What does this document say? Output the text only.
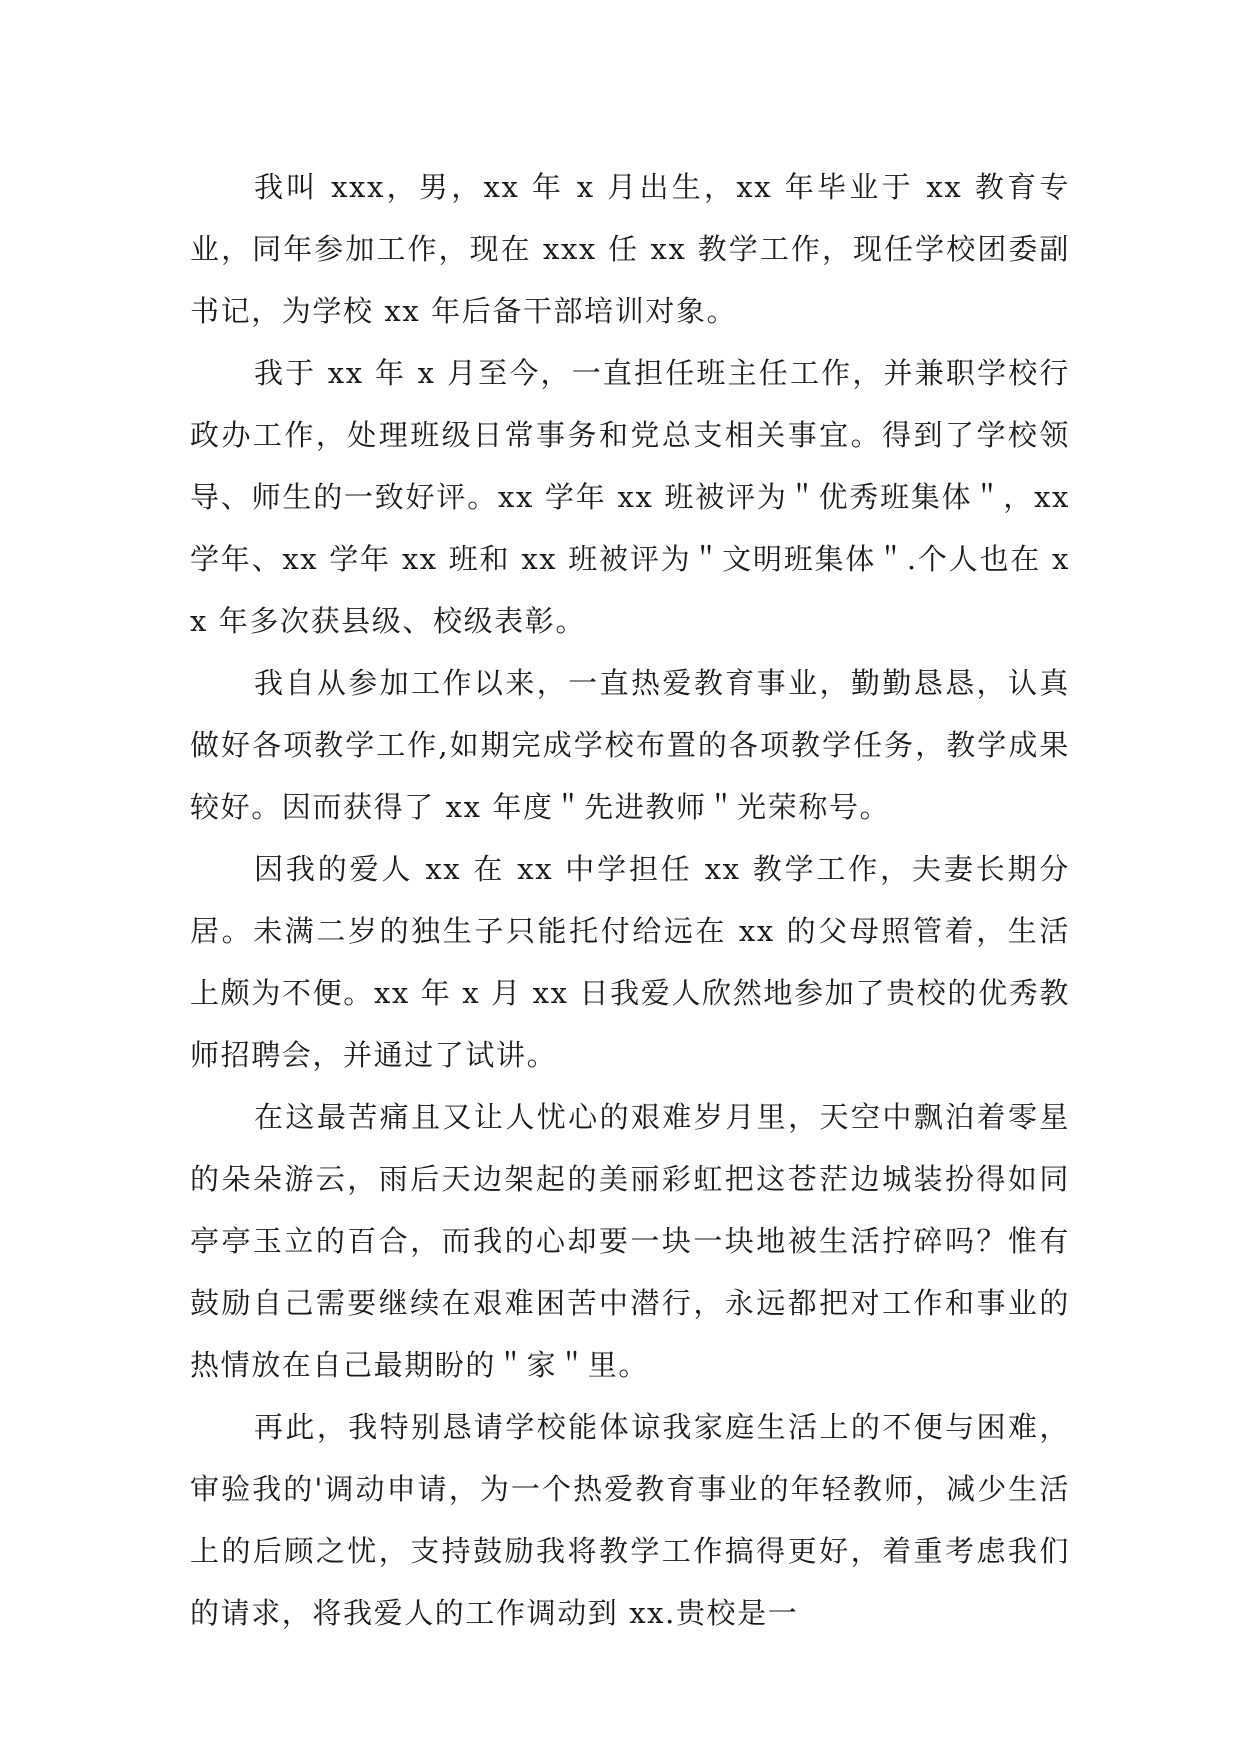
我叫 xxx，男，xx 年 x 月出生，xx 年毕业于 xx 教育专业，同年参加工作，现在 xxx 任 xx 教学工作，现任学校团委副书记，为学校 xx 年后备干部培训对象。

我于 xx 年 x 月至今，一直担任班主任工作，并兼职学校行政办工作，处理班级日常事务和党总支相关事宜。得到了学校领导、师生的一致好评。xx 学年 xx 班被评为＂优秀班集体＂，xx 学年、xx 学年 xx 班和 xx 班被评为＂文明班集体＂.个人也在 xx 年多次获县级、校级表彰。

我自从参加工作以来，一直热爱教育事业，勤勤恳恳，认真做好各项教学工作,如期完成学校布置的各项教学任务，教学成果较好。因而获得了 xx 年度＂先进教师＂光荣称号。

因我的爱人 xx 在 xx 中学担任 xx 教学工作，夫妻长期分居。未满二岁的独生子只能托付给远在 xx 的父母照管着，生活上颇为不便。xx 年 x 月 xx 日我爱人欣然地参加了贵校的优秀教师招聘会，并通过了试讲。

在这最苦痛且又让人忧心的艰难岁月里，天空中飘泊着零星的朵朵游云，雨后天边架起的美丽彩虹把这苍茫边城装扮得如同亭亭玉立的百合，而我的心却要一块一块地被生活拧碎吗？惟有鼓励自己需要继续在艰难困苦中潜行，永远都把对工作和事业的热情放在自己最期盼的＂家＂里。

再此，我特别恳请学校能体谅我家庭生活上的不便与困难，审验我的'调动申请，为一个热爱教育事业的年轻教师，减少生活上的后顾之忧，支持鼓励我将教学工作搞得更好，着重考虑我们的请求，将我爱人的工作调动到 xx.贵校是一
